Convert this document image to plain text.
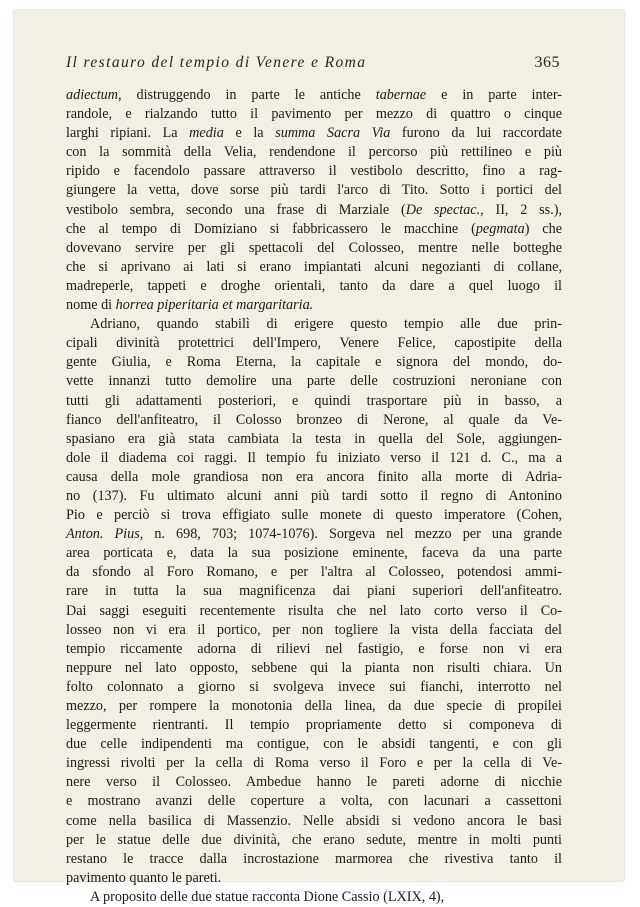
Il restauro del tempio di Venere e Roma	365
adiectum, distruggendo in parte le antiche tabernae e in parte inter-
randole, e rialzando tutto il pavimento per mezzo di quattro o cinque
larghi ripiani. La media e la summa Sacra Via furono da lui raccordate
con la sommità della Velia, rendendone il percorso più rettilineo e più
ripido e facendolo passare attraverso il vestibolo descritto, fino a rag-
giungere la vetta, dove sorse più tardi l'arco di Tito. Sotto i portici del
vestibolo sembra, secondo una frase di Marziale (De spectac., II, 2 ss.),
che al tempo di Domiziano si fabbricassero le macchine (pegmata) che
dovevano servire per gli spettacoli del Colosseo, mentre nelle botteghe
che si aprivano ai lati si erano impiantati alcuni negozianti di collane,
madreperle, tappeti e droghe orientali, tanto da dare a quel luogo il
nome di horrea piperitaria et margaritaria.
Adriano, quando stabilì di erigere questo tempio alle due prin-
cipali divinità protettrici dell'Impero, Venere Felice, capostipite della
gente Giulia, e Roma Eterna, la capitale e signora del mondo, do-
vette innanzi tutto demolire una parte delle costruzioni neroniane con
tutti gli adattamenti posteriori, e quindi trasportare più in basso, a
fianco dell'anfiteatro, il Colosso bronzeo di Nerone, al quale da Ve-
spasiano era già stata cambiata la testa in quella del Sole, aggiungen-
dole il diadema coi raggi. Il tempio fu iniziato verso il 121 d. C., ma a
causa della mole grandiosa non era ancora finito alla morte di Adria-
no (137). Fu ultimato alcuni anni più tardi sotto il regno di Antonino
Pio e perciò si trova effigiato sulle monete di questo imperatore (Cohen,
Anton. Pius, n. 698, 703; 1074-1076). Sorgeva nel mezzo per una grande
area porticata e, data la sua posizione eminente, faceva da una parte
da sfondo al Foro Romano, e per l'altra al Colosseo, potendosi ammi-
rare in tutta la sua magnificenza dai piani superiori dell'anfiteatro.
Dai saggi eseguiti recentemente risulta che nel lato corto verso il Co-
losseo non vi era il portico, per non togliere la vista della facciata del
tempio riccamente adorna di rilievi nel fastigio, e forse non vi era
neppure nel lato opposto, sebbene qui la pianta non risulti chiara. Un
folto colonnato a giorno si svolgeva invece sui fianchi, interrotto nel
mezzo, per rompere la monotonia della linea, da due specie di propilei
leggermente rientranti. Il tempio propriamente detto si componeva di
due celle indipendenti ma contigue, con le absidi tangenti, e con gli
ingressi rivolti per la cella di Roma verso il Foro e per la cella di Ve-
nere verso il Colosseo. Ambedue hanno le pareti adorne di nicchie
e mostrano avanzi delle coperture a volta, con lacunari a cassettoni
come nella basilica di Massenzio. Nelle absidi si vedono ancora le basi
per le statue delle due divinità, che erano sedute, mentre in molti punti
restano le tracce dalla incrostazione marmorea che rivestiva tanto il
pavimento quanto le pareti.
A proposito delle due statue racconta Dione Cassio (LXIX, 4),
